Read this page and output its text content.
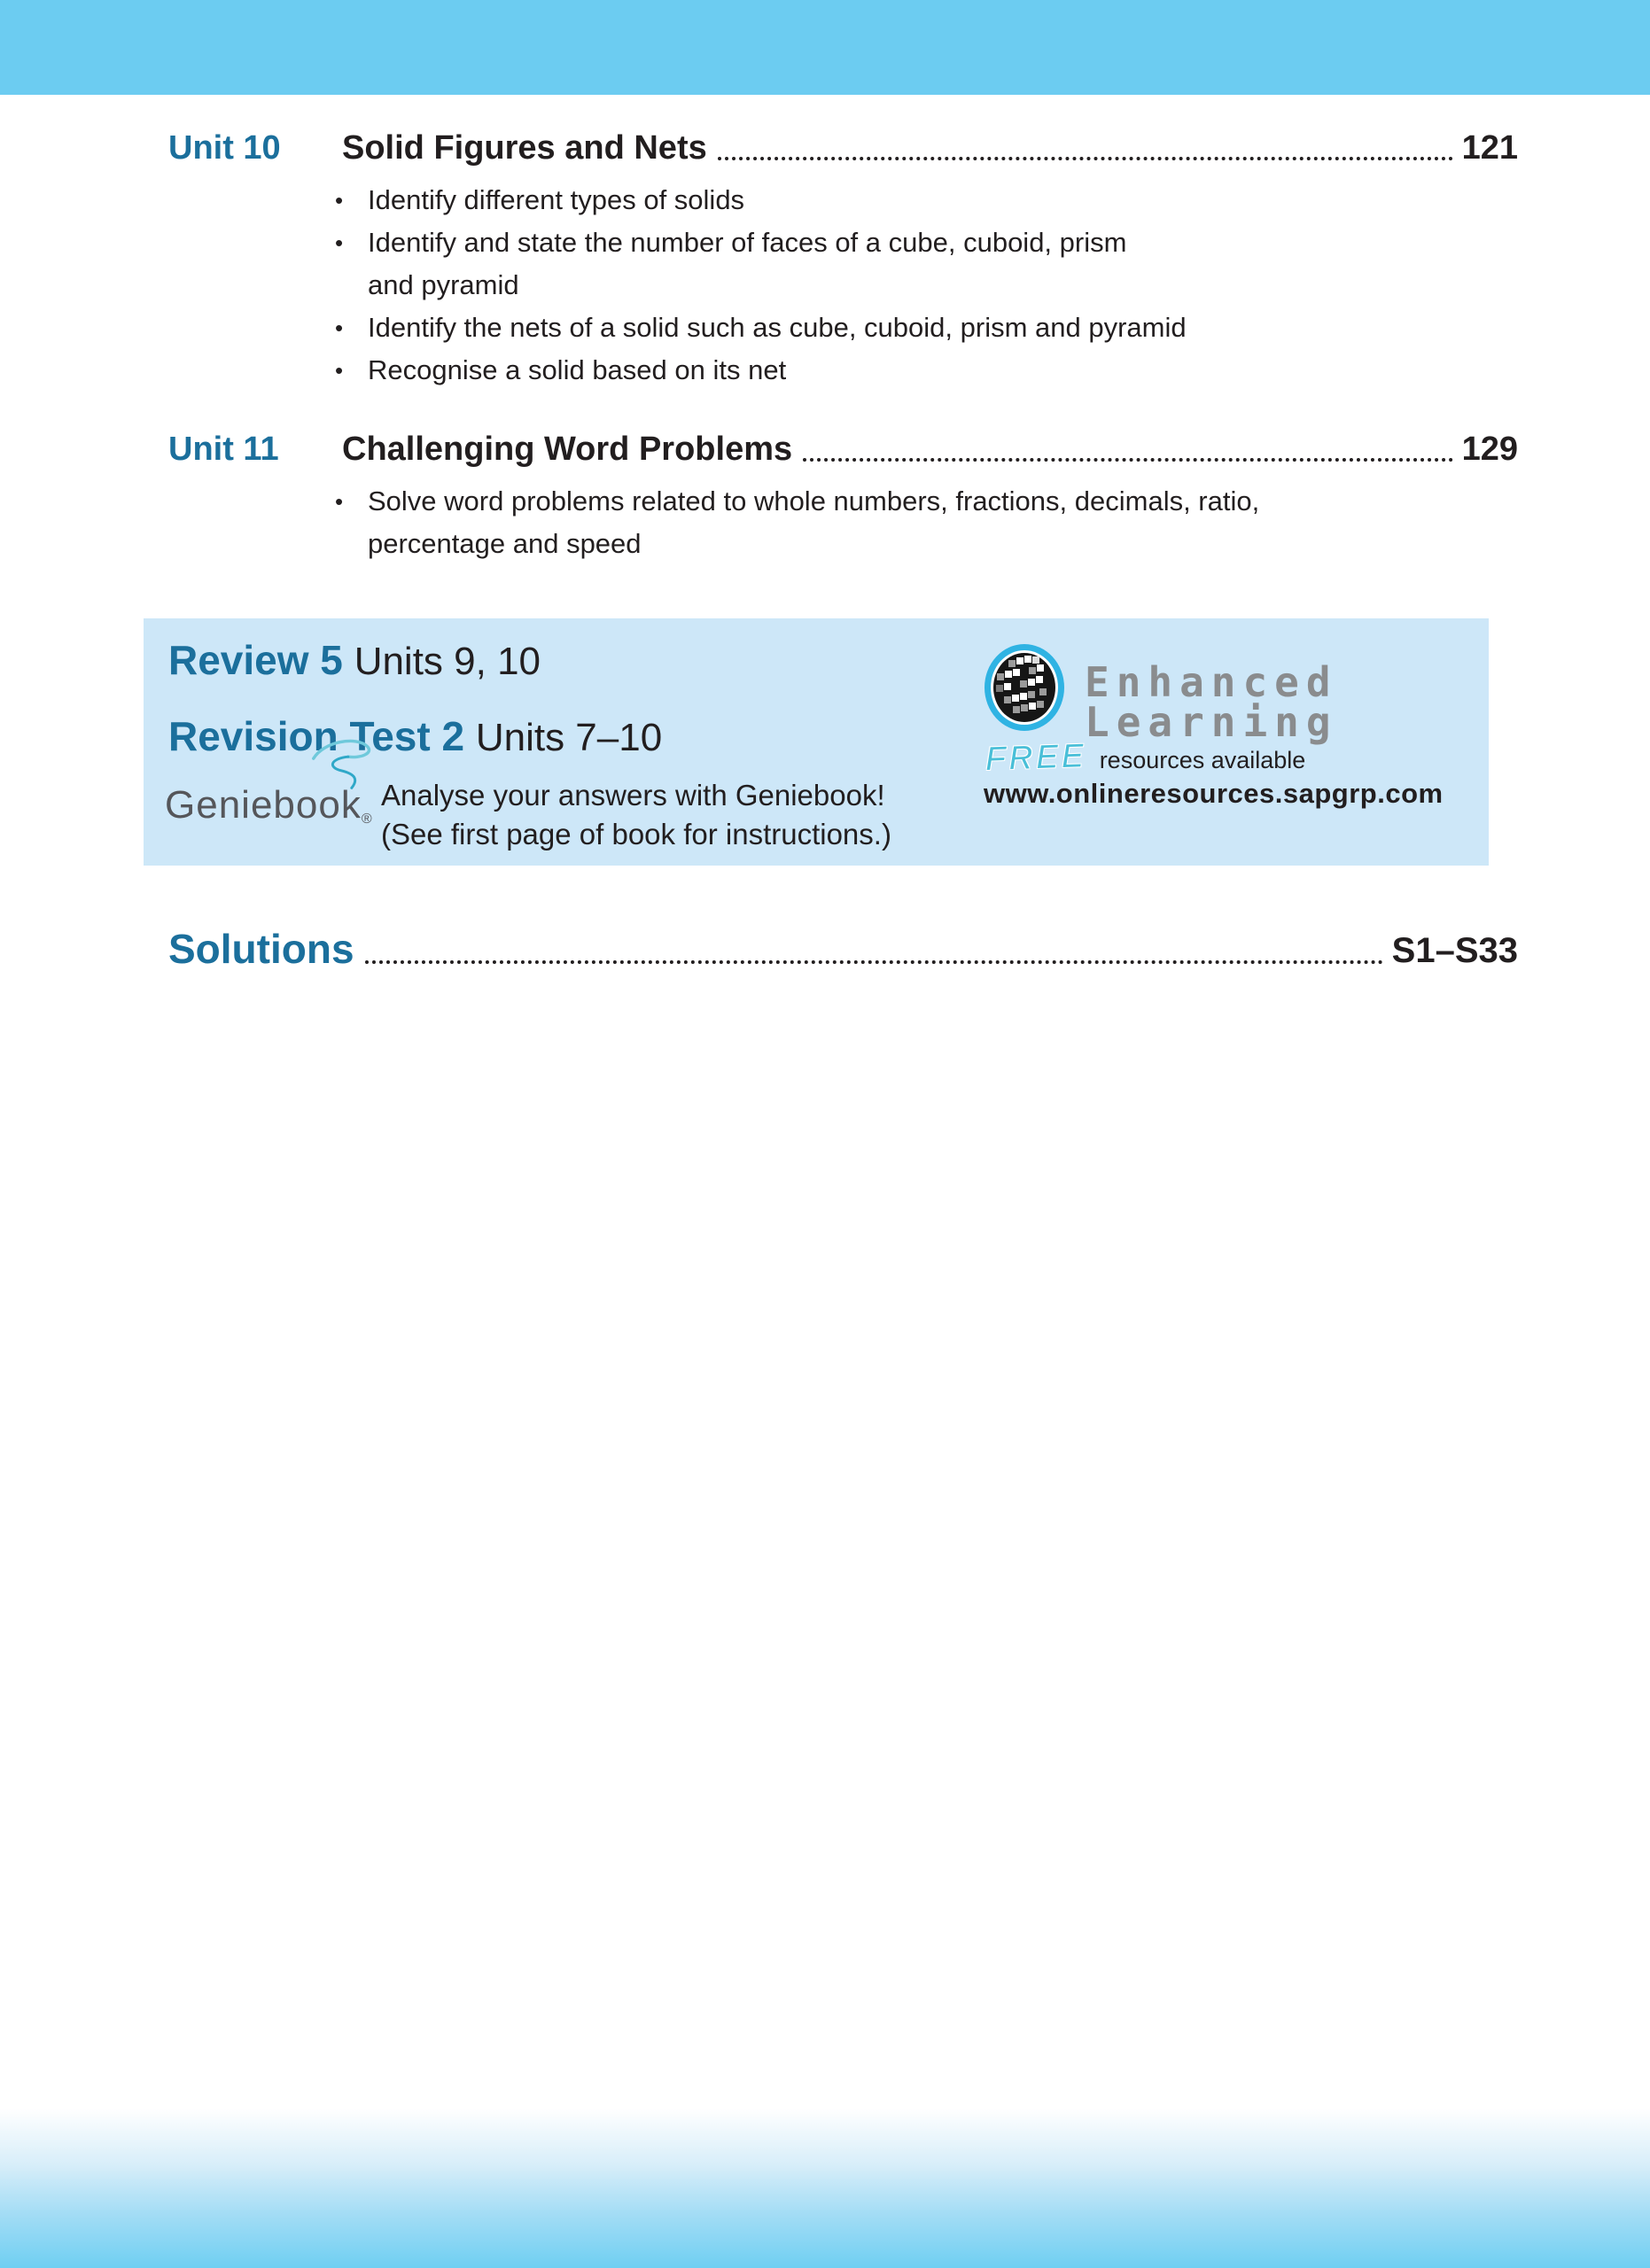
Unit 10	Solid Figures and Nets	121
• Identify different types of solids
• Identify and state the number of faces of a cube, cuboid, prism
and pyramid
• Identify the nets of a solid such as cube, cuboid, prism and pyramid
• Recognise a solid based on its net
Unit 11	Challenging Word Problems	129
• Solve word problems related to whole numbers, fractions, decimals, ratio,
percentage and speed
Review 5 Units 9, 10
Revision Test 2 Units 7–10
Geniebook®
Analyse your answers with Geniebook!
(See first page of book for instructions.)
Enhanced
Learning
FREE resources available
www.onlineresources.sapgrp.com
Solutions	S1–S33
